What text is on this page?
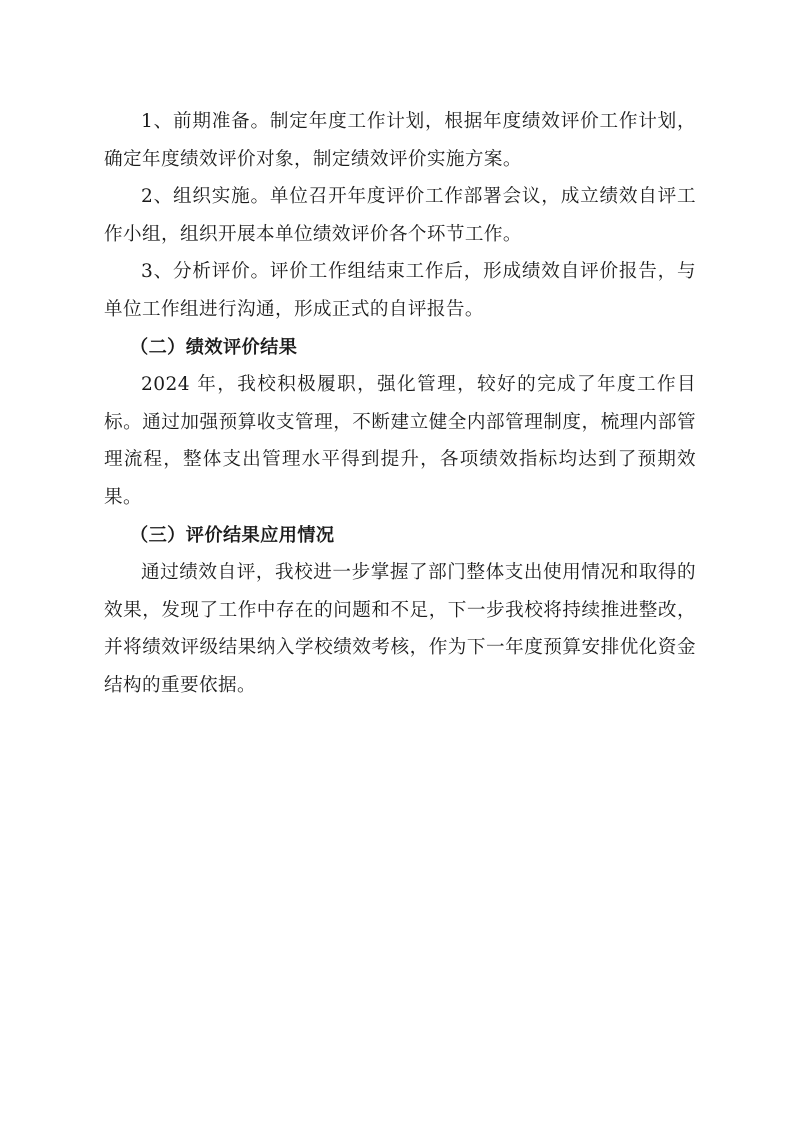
1、前期准备。制定年度工作计划，根据年度绩效评价工作计划，确定年度绩效评价对象，制定绩效评价实施方案。

2、组织实施。单位召开年度评价工作部署会议，成立绩效自评工作小组，组织开展本单位绩效评价各个环节工作。

3、分析评价。评价工作组结束工作后，形成绩效自评价报告，与单位工作组进行沟通，形成正式的自评报告。

（二）绩效评价结果

2024 年，我校积极履职，强化管理，较好的完成了年度工作目标。通过加强预算收支管理，不断建立健全内部管理制度，梳理内部管理流程，整体支出管理水平得到提升，各项绩效指标均达到了预期效果。

（三）评价结果应用情况

通过绩效自评，我校进一步掌握了部门整体支出使用情况和取得的效果，发现了工作中存在的问题和不足，下一步我校将持续推进整改，并将绩效评级结果纳入学校绩效考核，作为下一年度预算安排优化资金结构的重要依据。
